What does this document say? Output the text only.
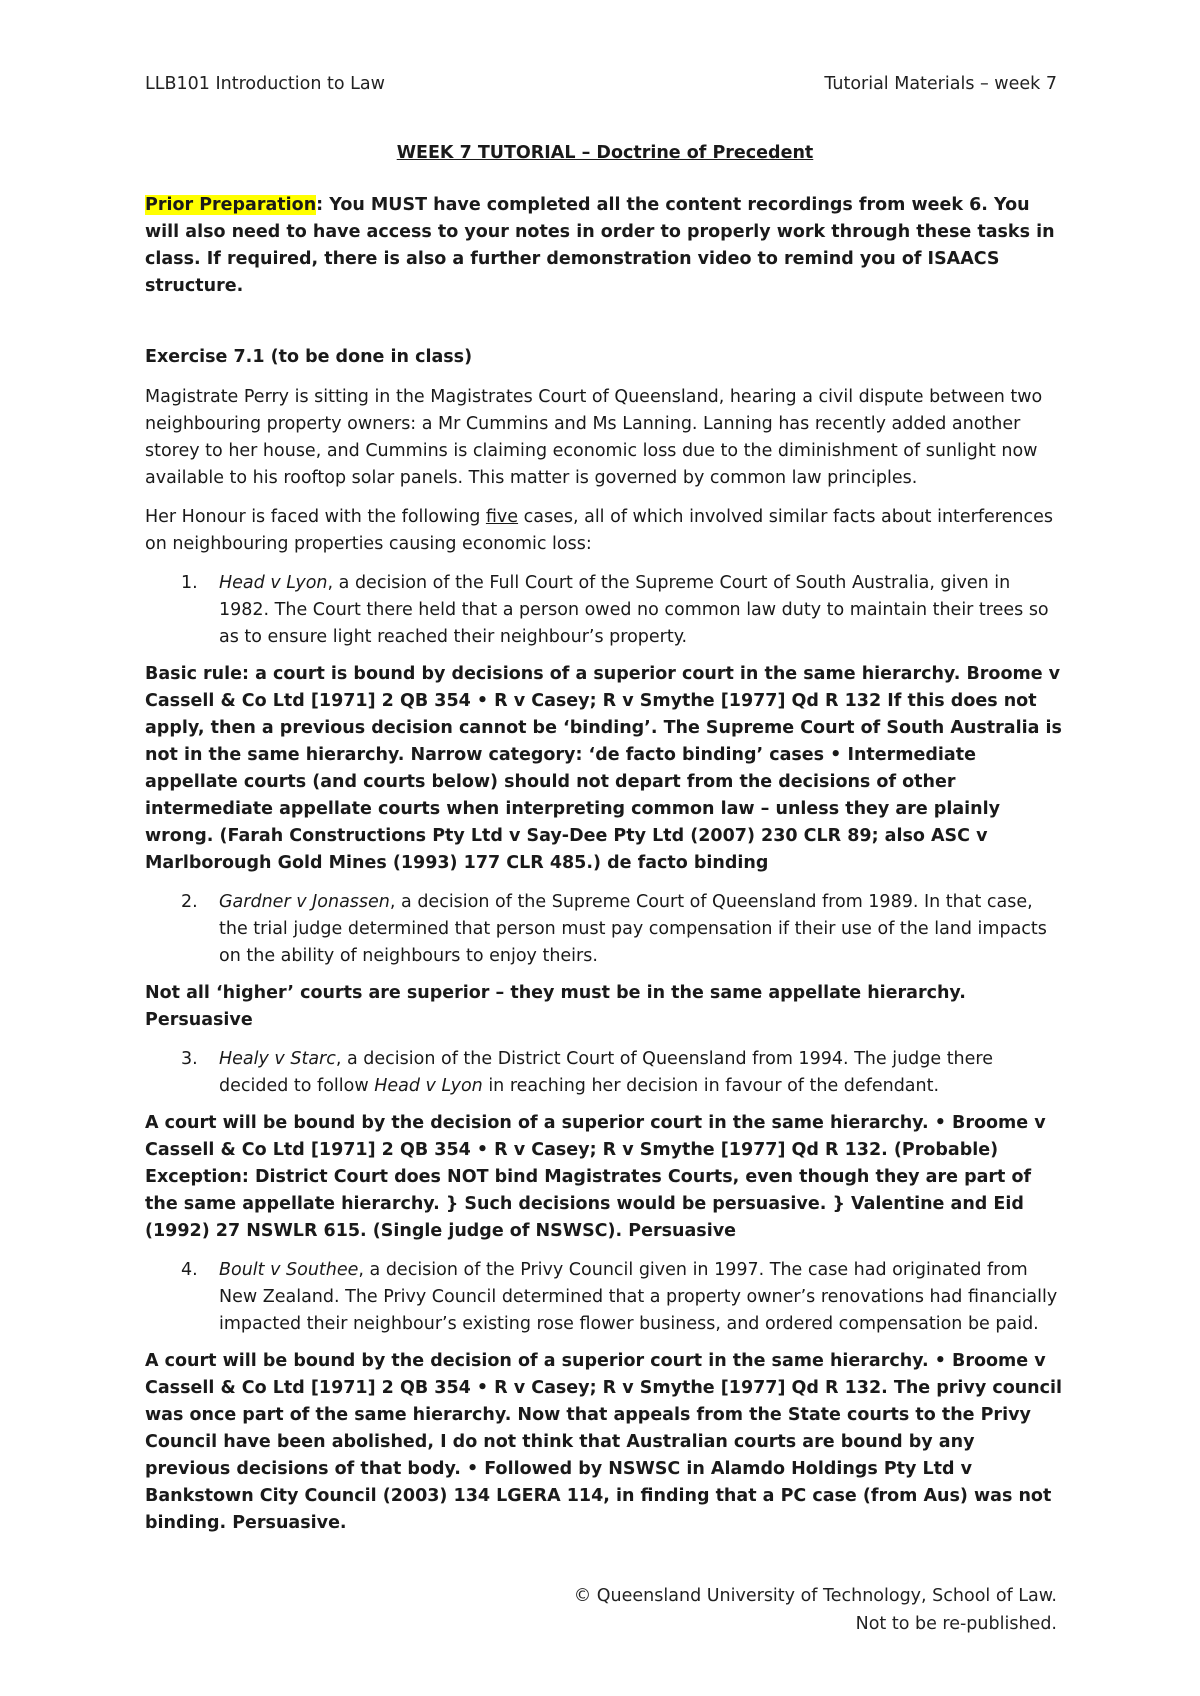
LLB101 Introduction to Law	Tutorial Materials – week 7
WEEK 7 TUTORIAL – Doctrine of Precedent

Prior Preparation: You MUST have completed all the content recordings from week 6. You will also need to have access to your notes in order to properly work through these tasks in class. If required, there is also a further demonstration video to remind you of ISAACS structure.

Exercise 7.1 (to be done in class)

Magistrate Perry is sitting in the Magistrates Court of Queensland, hearing a civil dispute between two neighbouring property owners: a Mr Cummins and Ms Lanning. Lanning has recently added another storey to her house, and Cummins is claiming economic loss due to the diminishment of sunlight now available to his rooftop solar panels. This matter is governed by common law principles.

Her Honour is faced with the following five cases, all of which involved similar facts about interferences on neighbouring properties causing economic loss:

1. Head v Lyon, a decision of the Full Court of the Supreme Court of South Australia, given in 1982. The Court there held that a person owed no common law duty to maintain their trees so as to ensure light reached their neighbour’s property.

Basic rule: a court is bound by decisions of a superior court in the same hierarchy. Broome v Cassell & Co Ltd [1971] 2 QB 354 • R v Casey; R v Smythe [1977] Qd R 132 If this does not apply, then a previous decision cannot be ‘binding’. The Supreme Court of South Australia is not in the same hierarchy. Narrow category: ‘de facto binding’ cases • Intermediate appellate courts (and courts below) should not depart from the decisions of other intermediate appellate courts when interpreting common law – unless they are plainly wrong. (Farah Constructions Pty Ltd v Say-Dee Pty Ltd (2007) 230 CLR 89; also ASC v Marlborough Gold Mines (1993) 177 CLR 485.) de facto binding

2. Gardner v Jonassen, a decision of the Supreme Court of Queensland from 1989. In that case, the trial judge determined that person must pay compensation if their use of the land impacts on the ability of neighbours to enjoy theirs.

Not all ‘higher’ courts are superior – they must be in the same appellate hierarchy. Persuasive

3. Healy v Starc, a decision of the District Court of Queensland from 1994. The judge there decided to follow Head v Lyon in reaching her decision in favour of the defendant.

A court will be bound by the decision of a superior court in the same hierarchy. • Broome v Cassell & Co Ltd [1971] 2 QB 354 • R v Casey; R v Smythe [1977] Qd R 132. (Probable) Exception: District Court does NOT bind Magistrates Courts, even though they are part of the same appellate hierarchy. } Such decisions would be persuasive. } Valentine and Eid (1992) 27 NSWLR 615. (Single judge of NSWSC). Persuasive

4. Boult v Southee, a decision of the Privy Council given in 1997. The case had originated from New Zealand. The Privy Council determined that a property owner’s renovations had financially impacted their neighbour’s existing rose flower business, and ordered compensation be paid.

A court will be bound by the decision of a superior court in the same hierarchy. • Broome v Cassell & Co Ltd [1971] 2 QB 354 • R v Casey; R v Smythe [1977] Qd R 132. The privy council was once part of the same hierarchy. Now that appeals from the State courts to the Privy Council have been abolished, I do not think that Australian courts are bound by any previous decisions of that body. • Followed by NSWSC in Alamdo Holdings Pty Ltd v Bankstown City Council (2003) 134 LGERA 114, in finding that a PC case (from Aus) was not binding. Persuasive.

© Queensland University of Technology, School of Law.
Not to be re-published.
